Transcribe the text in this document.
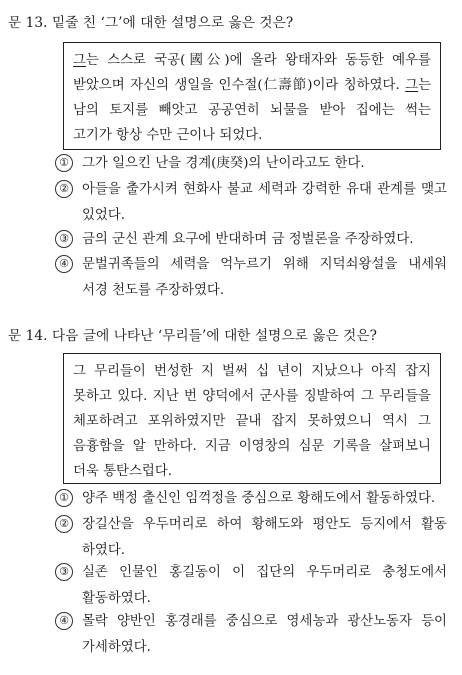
문 13. 밑줄 친 ‘그’에 대한 설명으로 옳은 것은?
그는 스스로 국공(國公)에 올라 왕태자와 동등한 예우를
받았으며 자신의 생일을 인수절(仁壽節)이라 칭하였다. 그는
남의 토지를 빼앗고 공공연히 뇌물을 받아 집에는 썩는
고기가 항상 수만 근이나 되었다.
① 그가 일으킨 난을 경계(庚癸)의 난이라고도 한다.
② 아들을 출가시켜 현화사 불교 세력과 강력한 유대 관계를 맺고
있었다.
③ 금의 군신 관계 요구에 반대하며 금 정벌론을 주장하였다.
④ 문벌귀족들의 세력을 억누르기 위해 지덕쇠왕설을 내세워
서경 천도를 주장하였다.
문 14. 다음 글에 나타난 ‘무리들’에 대한 설명으로 옳은 것은?
그 무리들이 번성한 지 벌써 십 년이 지났으나 아직 잡지
못하고 있다. 지난 번 양덕에서 군사를 징발하여 그 무리들을
체포하려고 포위하였지만 끝내 잡지 못하였으니 역시 그
음흉함을 알 만하다. 지금 이영창의 심문 기록을 살펴보니
더욱 통탄스럽다.
① 양주 백정 출신인 임꺽정을 중심으로 황해도에서 활동하였다.
② 장길산을 우두머리로 하여 황해도와 평안도 등지에서 활동
하였다.
③ 실존 인물인 홍길동이 이 집단의 우두머리로 충청도에서
활동하였다.
④ 몰락 양반인 홍경래를 중심으로 영세농과 광산노동자 등이
가세하였다.
